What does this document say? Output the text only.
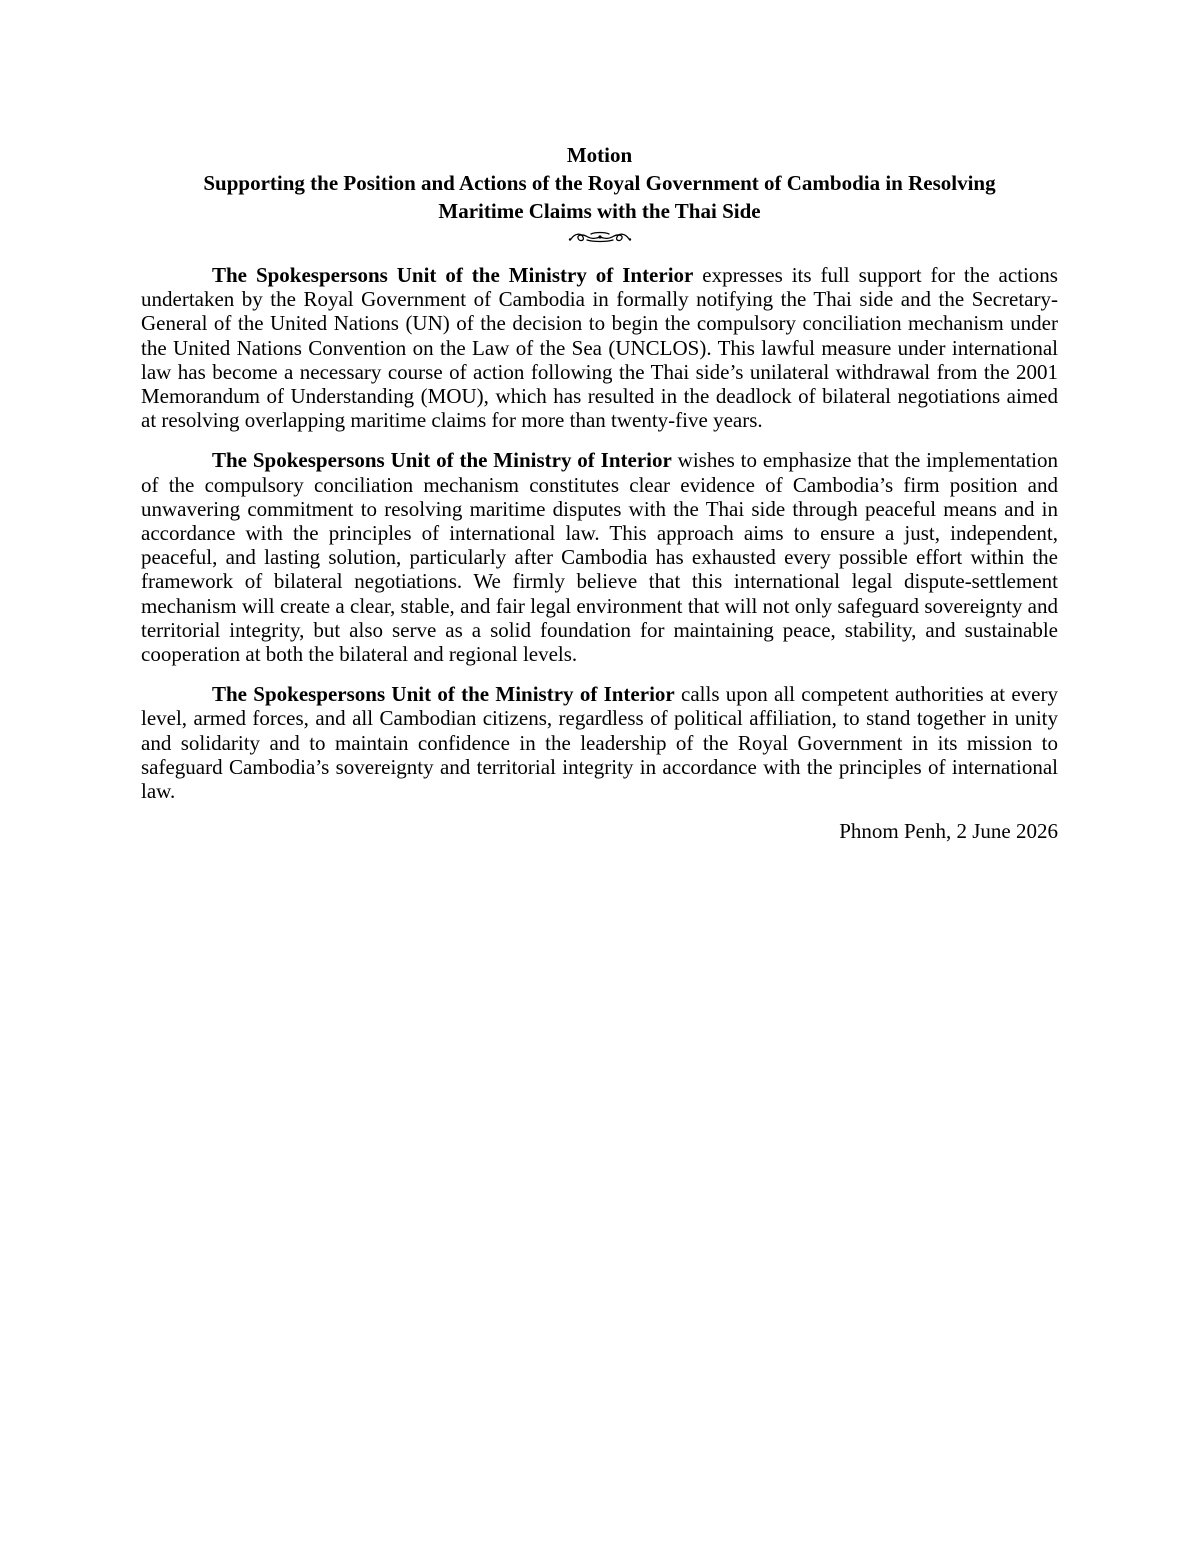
Motion

Supporting the Position and Actions of the Royal Government of Cambodia in Resolving

Maritime Claims with the Thai Side

The Spokespersons Unit of the Ministry of Interior expresses its full support for the actions undertaken by the Royal Government of Cambodia in formally notifying the Thai side and the Secretary-General of the United Nations (UN) of the decision to begin the compulsory conciliation mechanism under the United Nations Convention on the Law of the Sea (UNCLOS). This lawful measure under international law has become a necessary course of action following the Thai side’s unilateral withdrawal from the 2001 Memorandum of Understanding (MOU), which has resulted in the deadlock of bilateral negotiations aimed at resolving overlapping maritime claims for more than twenty-five years.

The Spokespersons Unit of the Ministry of Interior wishes to emphasize that the implementation of the compulsory conciliation mechanism constitutes clear evidence of Cambodia’s firm position and unwavering commitment to resolving maritime disputes with the Thai side through peaceful means and in accordance with the principles of international law. This approach aims to ensure a just, independent, peaceful, and lasting solution, particularly after Cambodia has exhausted every possible effort within the framework of bilateral negotiations. We firmly believe that this international legal dispute-settlement mechanism will create a clear, stable, and fair legal environment that will not only safeguard sovereignty and territorial integrity, but also serve as a solid foundation for maintaining peace, stability, and sustainable cooperation at both the bilateral and regional levels.

The Spokespersons Unit of the Ministry of Interior calls upon all competent authorities at every level, armed forces, and all Cambodian citizens, regardless of political affiliation, to stand together in unity and solidarity and to maintain confidence in the leadership of the Royal Government in its mission to safeguard Cambodia’s sovereignty and territorial integrity in accordance with the principles of international law.

Phnom Penh, 2 June 2026
